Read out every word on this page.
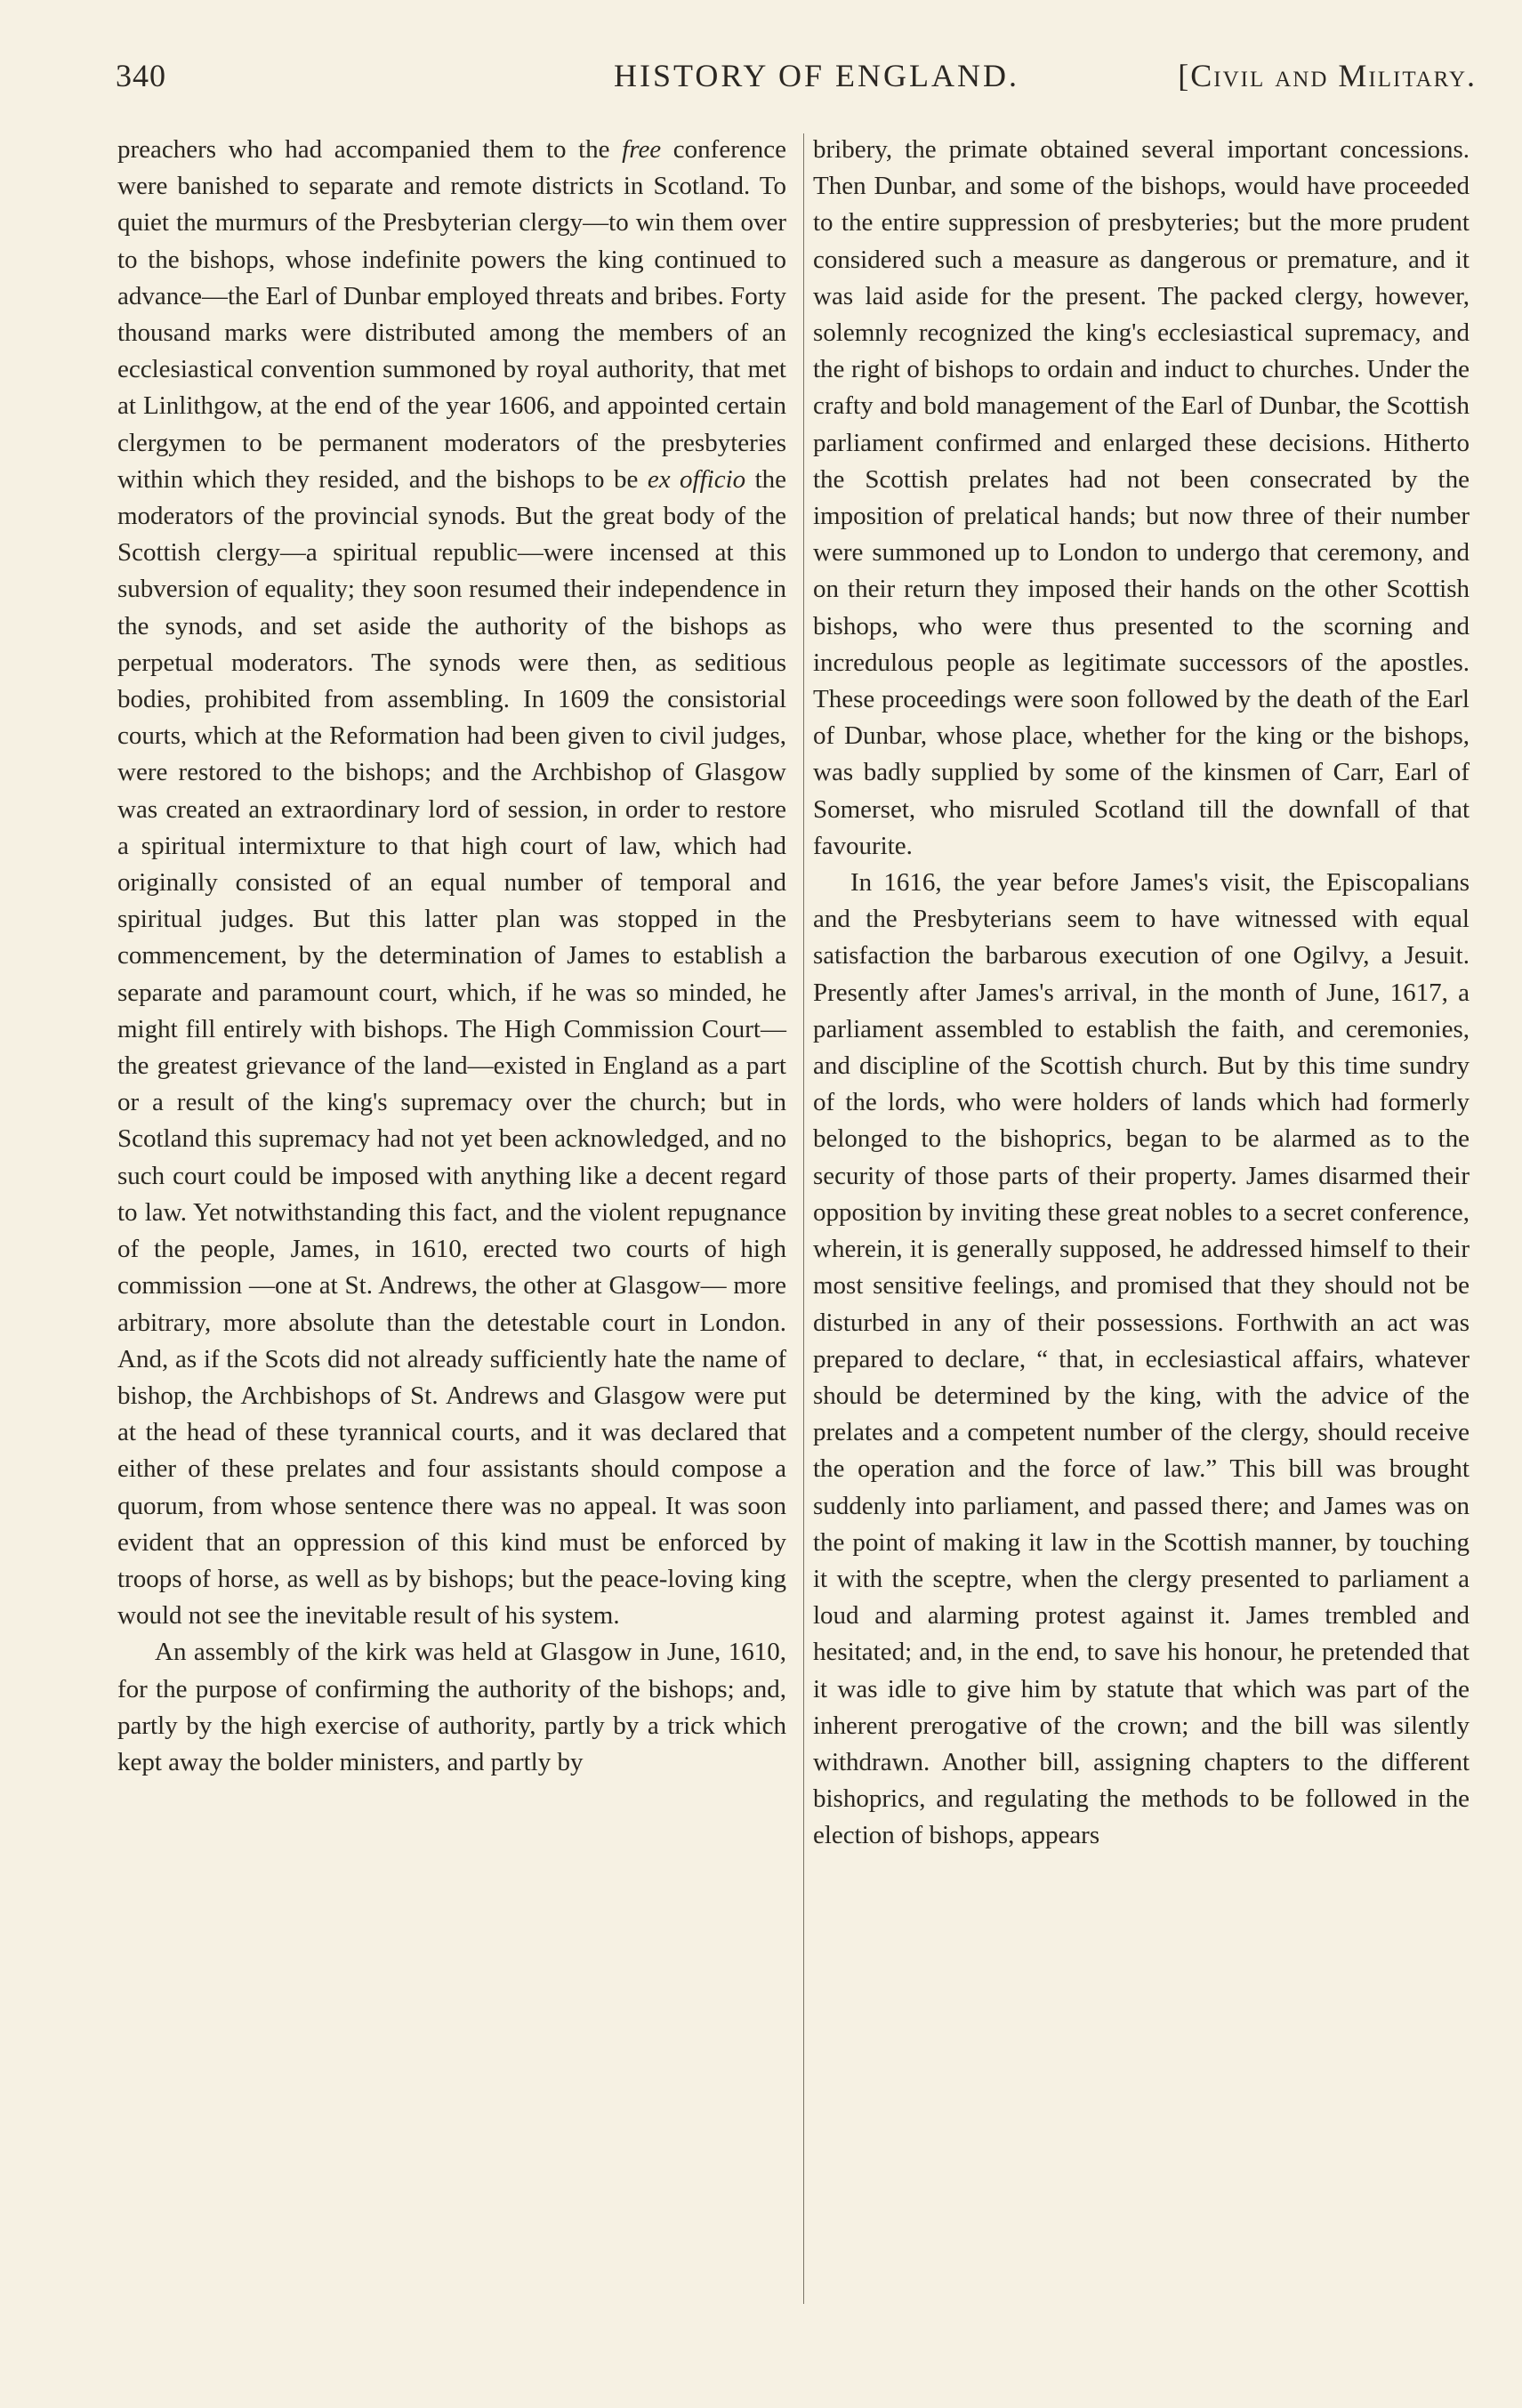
340	HISTORY OF ENGLAND.	[Civil and Military.

preachers who had accompanied them to the free conference were banished to separate and remote districts in Scotland. To quiet the murmurs of the Presbyterian clergy—to win them over to the bishops, whose indefinite powers the king continued to advance—the Earl of Dunbar employed threats and bribes. Forty thousand marks were distributed among the members of an ecclesiastical convention summoned by royal authority, that met at Linlithgow, at the end of the year 1606, and appointed certain clergymen to be permanent moderators of the presbyteries within which they resided, and the bishops to be ex officio the moderators of the provincial synods. But the great body of the Scottish clergy—a spiritual republic—were incensed at this subversion of equality; they soon resumed their independence in the synods, and set aside the authority of the bishops as perpetual moderators. The synods were then, as seditious bodies, prohibited from assembling. In 1609 the consistorial courts, which at the Reformation had been given to civil judges, were restored to the bishops; and the Archbishop of Glasgow was created an extraordinary lord of session, in order to restore a spiritual intermixture to that high court of law, which had originally consisted of an equal number of temporal and spiritual judges. But this latter plan was stopped in the commencement, by the determination of James to establish a separate and paramount court, which, if he was so minded, he might fill entirely with bishops. The High Commission Court—the greatest grievance of the land—existed in England as a part or a result of the king's supremacy over the church; but in Scotland this supremacy had not yet been acknowledged, and no such court could be imposed with anything like a decent regard to law. Yet notwithstanding this fact, and the violent repugnance of the people, James, in 1610, erected two courts of high commission —one at St. Andrews, the other at Glasgow— more arbitrary, more absolute than the detestable court in London. And, as if the Scots did not already sufficiently hate the name of bishop, the Archbishops of St. Andrews and Glasgow were put at the head of these tyrannical courts, and it was declared that either of these prelates and four assistants should compose a quorum, from whose sentence there was no appeal. It was soon evident that an oppression of this kind must be enforced by troops of horse, as well as by bishops; but the peace-loving king would not see the inevitable result of his system.

An assembly of the kirk was held at Glasgow in June, 1610, for the purpose of confirming the authority of the bishops; and, partly by the high exercise of authority, partly by a trick which kept away the bolder ministers, and partly by

bribery, the primate obtained several important concessions. Then Dunbar, and some of the bishops, would have proceeded to the entire suppression of presbyteries; but the more prudent considered such a measure as dangerous or premature, and it was laid aside for the present. The packed clergy, however, solemnly recognized the king's ecclesiastical supremacy, and the right of bishops to ordain and induct to churches. Under the crafty and bold management of the Earl of Dunbar, the Scottish parliament confirmed and enlarged these decisions. Hitherto the Scottish prelates had not been consecrated by the imposition of prelatical hands; but now three of their number were summoned up to London to undergo that ceremony, and on their return they imposed their hands on the other Scottish bishops, who were thus presented to the scorning and incredulous people as legitimate successors of the apostles. These proceedings were soon followed by the death of the Earl of Dunbar, whose place, whether for the king or the bishops, was badly supplied by some of the kinsmen of Carr, Earl of Somerset, who misruled Scotland till the downfall of that favourite.

In 1616, the year before James's visit, the Episcopalians and the Presbyterians seem to have witnessed with equal satisfaction the barbarous execution of one Ogilvy, a Jesuit. Presently after James's arrival, in the month of June, 1617, a parliament assembled to establish the faith, and ceremonies, and discipline of the Scottish church. But by this time sundry of the lords, who were holders of lands which had formerly belonged to the bishoprics, began to be alarmed as to the security of those parts of their property. James disarmed their opposition by inviting these great nobles to a secret conference, wherein, it is generally supposed, he addressed himself to their most sensitive feelings, and promised that they should not be disturbed in any of their possessions. Forthwith an act was prepared to declare, “ that, in ecclesiastical affairs, whatever should be determined by the king, with the advice of the prelates and a competent number of the clergy, should receive the operation and the force of law.” This bill was brought suddenly into parliament, and passed there; and James was on the point of making it law in the Scottish manner, by touching it with the sceptre, when the clergy presented to parliament a loud and alarming protest against it. James trembled and hesitated; and, in the end, to save his honour, he pretended that it was idle to give him by statute that which was part of the inherent prerogative of the crown; and the bill was silently withdrawn. Another bill, assigning chapters to the different bishoprics, and regulating the methods to be followed in the election of bishops, appears
